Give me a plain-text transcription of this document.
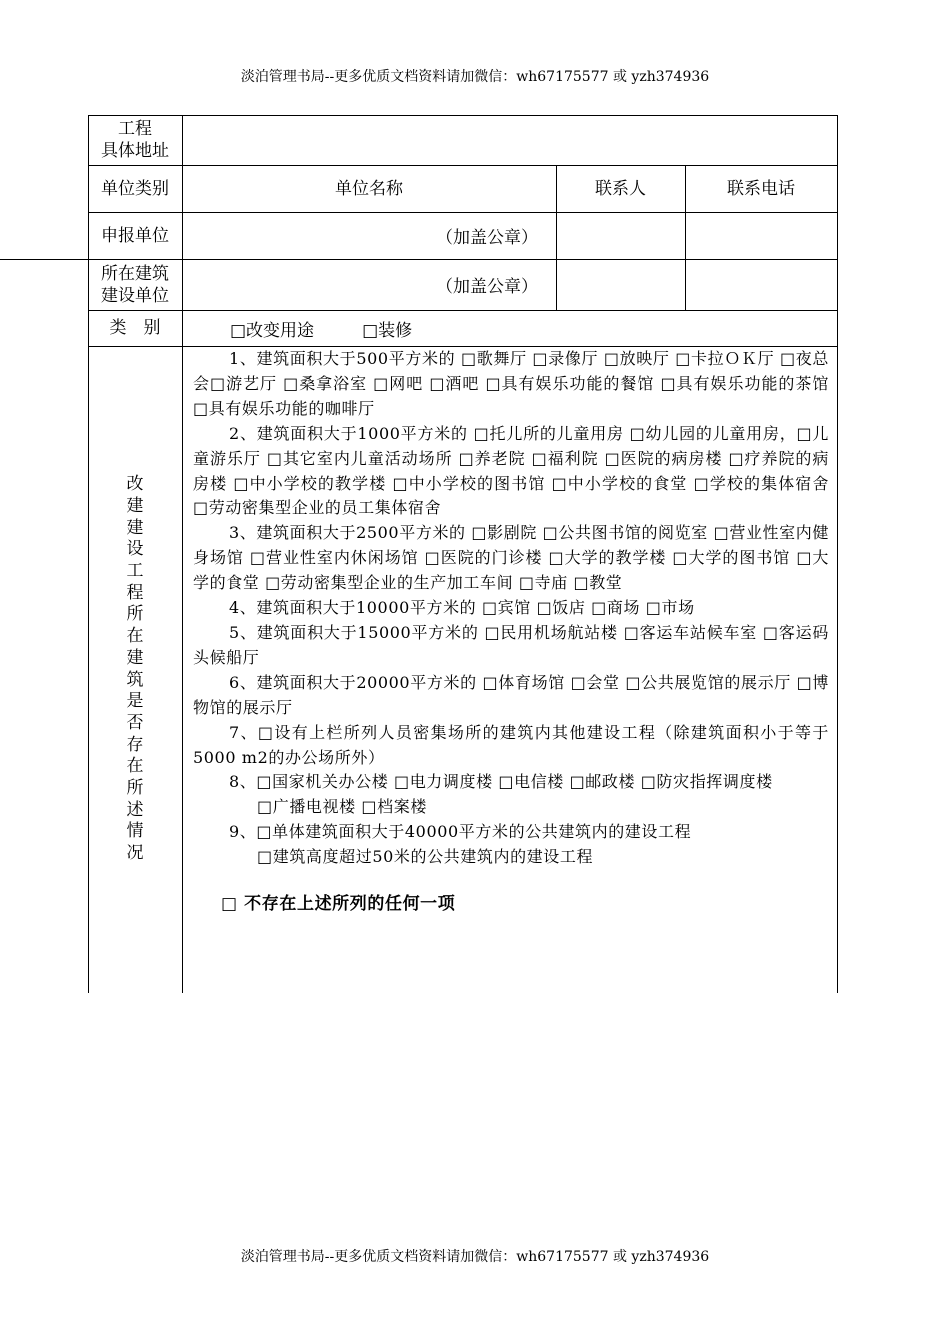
淡泊管理书局--更多优质文档资料请加微信：wh67175577 或 yzh374936
工程
具体地址
单位类别	单位名称	联系人	联系电话
申报单位	（加盖公章）
所在建筑
建设单位	（加盖公章）
类　别	□改变用途	□装修
改建建设工程所在建筑是否存在所述情况

1、建筑面积大于500平方米的 □歌舞厅 □录像厅 □放映厅 □卡拉ＯＫ厅 □夜总会□游艺厅 □桑拿浴室 □网吧 □酒吧 □具有娱乐功能的餐馆 □具有娱乐功能的茶馆 □具有娱乐功能的咖啡厅

2、建筑面积大于1000平方米的 □托儿所的儿童用房 □幼儿园的儿童用房，□儿童游乐厅 □其它室内儿童活动场所 □养老院 □福利院 □医院的病房楼 □疗养院的病房楼 □中小学校的教学楼 □中小学校的图书馆 □中小学校的食堂 □学校的集体宿舍 □劳动密集型企业的员工集体宿舍

3、建筑面积大于2500平方米的 □影剧院 □公共图书馆的阅览室 □营业性室内健身场馆 □营业性室内休闲场馆 □医院的门诊楼 □大学的教学楼 □大学的图书馆 □大学的食堂 □劳动密集型企业的生产加工车间 □寺庙 □教堂

4、建筑面积大于10000平方米的 □宾馆 □饭店 □商场 □市场

5、建筑面积大于15000平方米的 □民用机场航站楼 □客运车站候车室 □客运码头候船厅

6、建筑面积大于20000平方米的 □体育场馆 □会堂 □公共展览馆的展示厅 □博物馆的展示厅

7、□设有上栏所列人员密集场所的建筑内其他建设工程（除建筑面积小于等于5000 m2的办公场所外）

8、□国家机关办公楼 □电力调度楼 □电信楼 □邮政楼 □防灾指挥调度楼

□广播电视楼 □档案楼

9、□单体建筑面积大于40000平方米的公共建筑内的建设工程

□建筑高度超过50米的公共建筑内的建设工程

□ 不存在上述所列的任何一项
淡泊管理书局--更多优质文档资料请加微信：wh67175577 或 yzh374936
